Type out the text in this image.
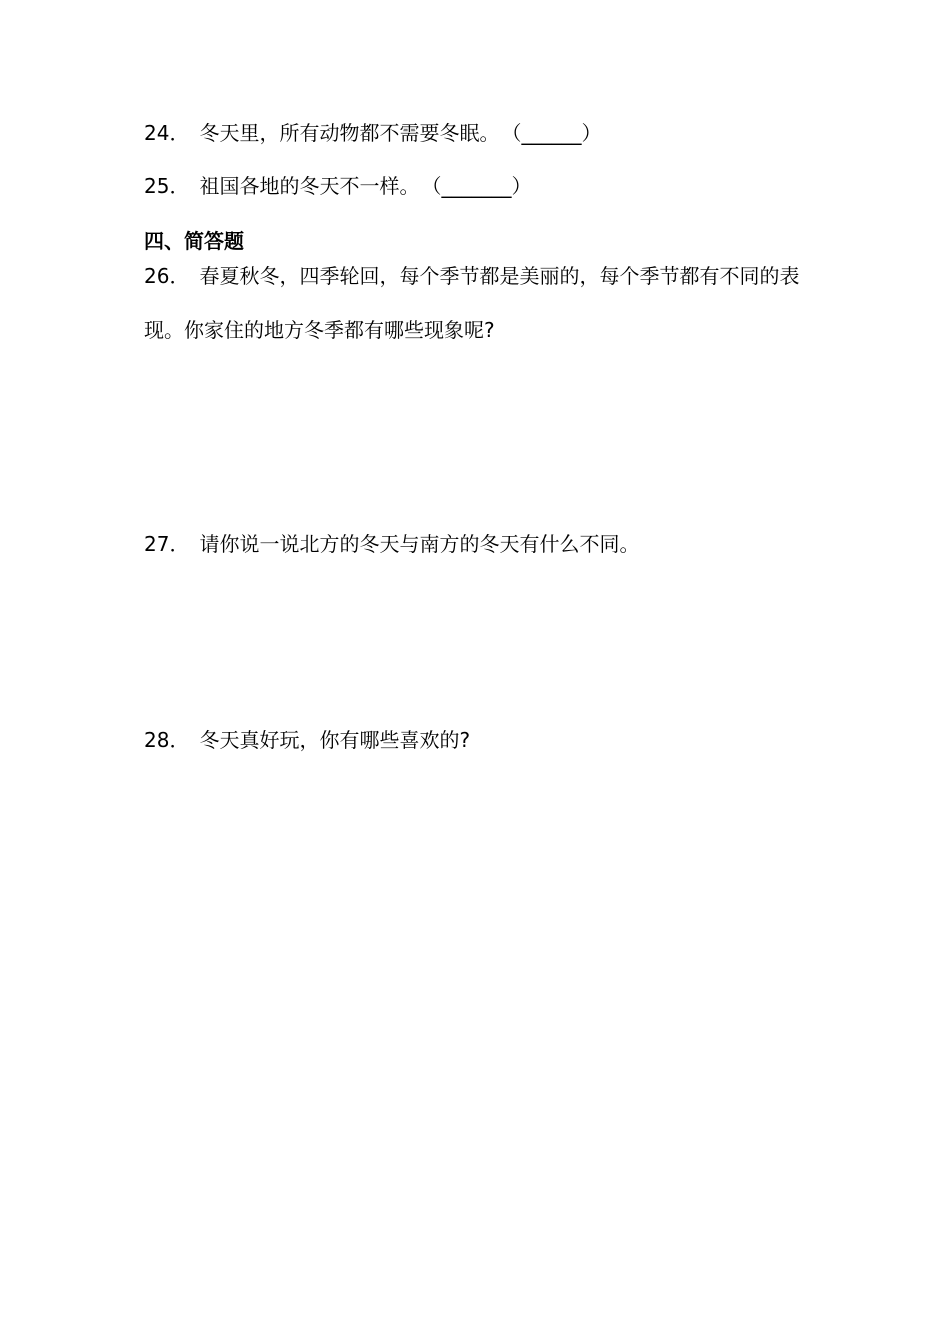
24． 冬天里，所有动物都不需要冬眠。 （______）
25． 祖国各地的冬天不一样。 （_______）
四、简答题
26． 春夏秋冬，四季轮回，每个季节都是美丽的，每个季节都有不同的表
现。你家住的地方冬季都有哪些现象呢?
27． 请你说一说北方的冬天与南方的冬天有什么不同。
28． 冬天真好玩，你有哪些喜欢的?
